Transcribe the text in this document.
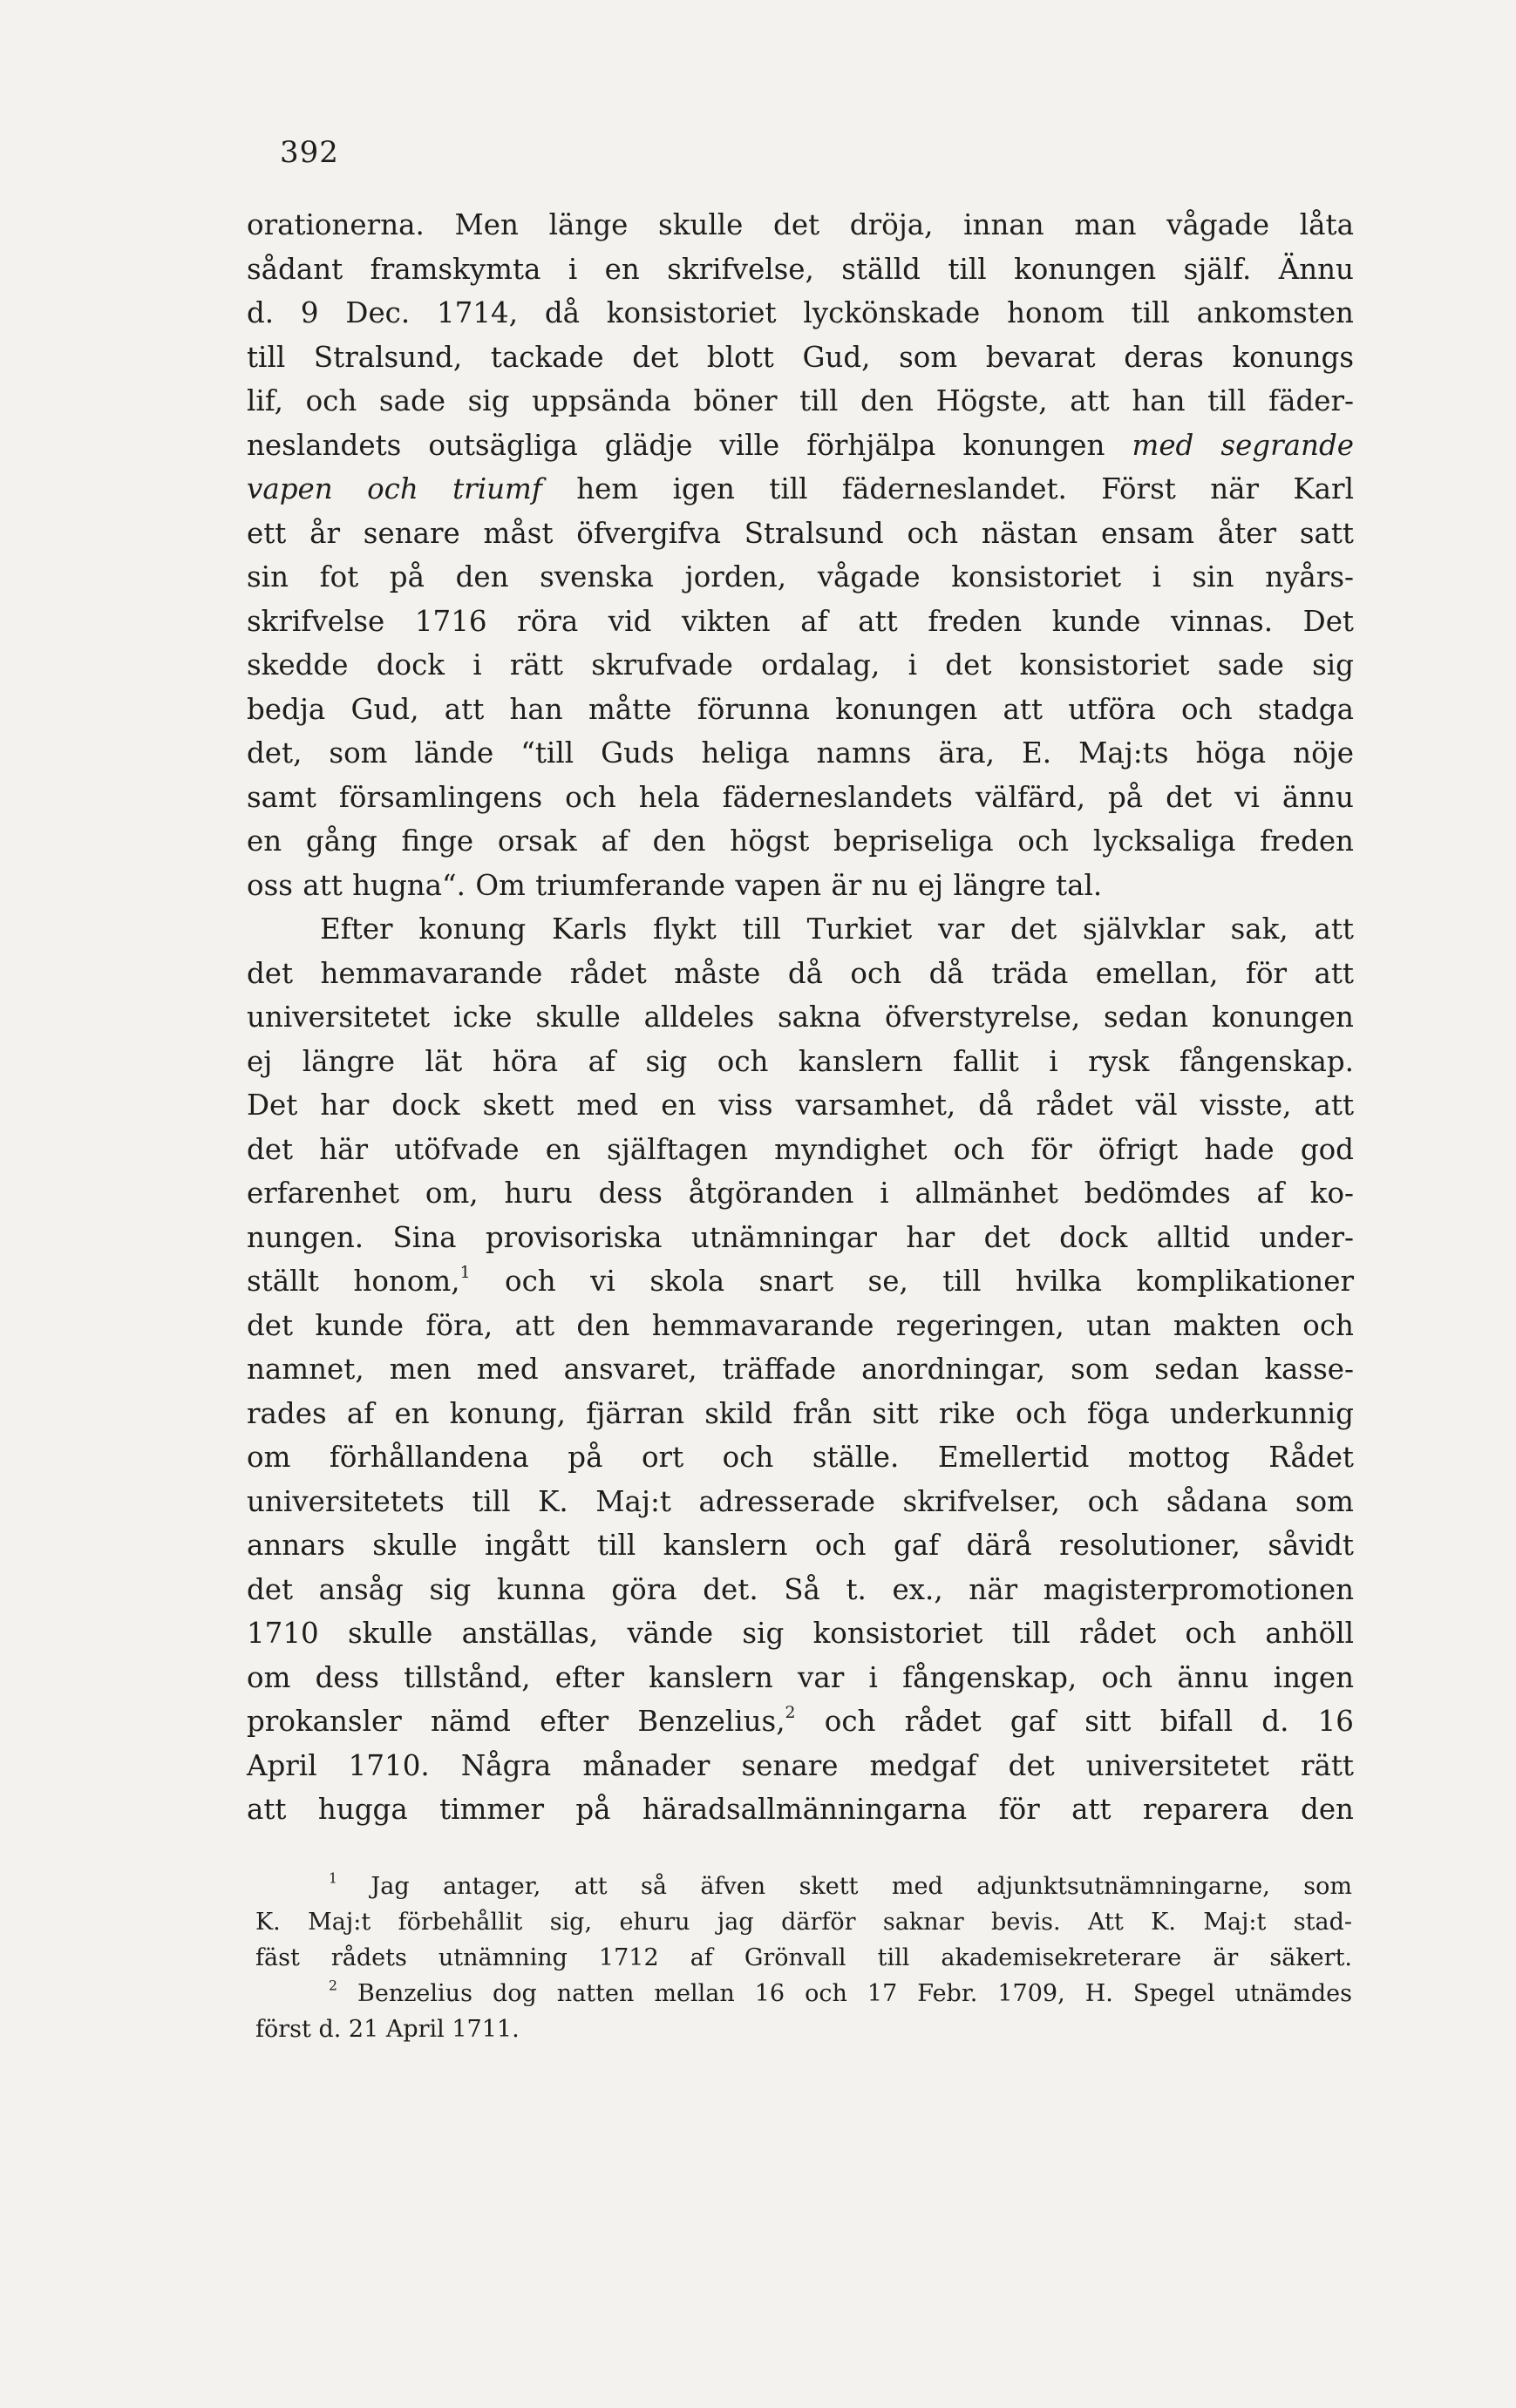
392
orationerna. Men länge skulle det dröja, innan man vågade låta
sådant framskymta i en skrifvelse, ställd till konungen själf. Ännu
d. 9 Dec. 1714, då konsistoriet lyckönskade honom till ankomsten
till Stralsund, tackade det blott Gud, som bevarat deras konungs
lif, och sade sig uppsända böner till den Högste, att han till fäder-
neslandets outsägliga glädje ville förhjälpa konungen med segrande
vapen och triumf hem igen till fäderneslandet. Först när Karl
ett år senare måst öfvergifva Stralsund och nästan ensam åter satt
sin fot på den svenska jorden, vågade konsistoriet i sin nyårs-
skrifvelse 1716 röra vid vikten af att freden kunde vinnas. Det
skedde dock i rätt skrufvade ordalag, i det konsistoriet sade sig
bedja Gud, att han måtte förunna konungen att utföra och stadga
det, som lände “till Guds heliga namns ära, E. Maj:ts höga nöje
samt församlingens och hela fäderneslandets välfärd, på det vi ännu
en gång finge orsak af den högst bepriseliga och lycksaliga freden
oss att hugna“. Om triumferande vapen är nu ej längre tal.
Efter konung Karls flykt till Turkiet var det självklar sak, att
det hemmavarande rådet måste då och då träda emellan, för att
universitetet icke skulle alldeles sakna öfverstyrelse, sedan konungen
ej längre lät höra af sig och kanslern fallit i rysk fångenskap.
Det har dock skett med en viss varsamhet, då rådet väl visste, att
det här utöfvade en själftagen myndighet och för öfrigt hade god
erfarenhet om, huru dess åtgöranden i allmänhet bedömdes af ko-
nungen. Sina provisoriska utnämningar har det dock alltid under-
ställt honom,$^1$ och vi skola snart se, till hvilka komplikationer
det kunde föra, att den hemmavarande regeringen, utan makten och
namnet, men med ansvaret, träffade anordningar, som sedan kasse-
rades af en konung, fjärran skild från sitt rike och föga underkunnig
om förhållandena på ort och ställe. Emellertid mottog Rådet
universitetets till K. Maj:t adresserade skrifvelser, och sådana som
annars skulle ingått till kanslern och gaf därå resolutioner, såvidt
det ansåg sig kunna göra det. Så t. ex., när magisterpromotionen
1710 skulle anställas, vände sig konsistoriet till rådet och anhöll
om dess tillstånd, efter kanslern var i fångenskap, och ännu ingen
prokansler nämd efter Benzelius,$^2$ och rådet gaf sitt bifall d. 16
April 1710. Några månader senare medgaf det universitetet rätt
att hugga timmer på häradsallmänningarna för att reparera den
$^1$ Jag antager, att så äfven skett med adjunktsutnämningarne, som
K. Maj:t förbehållit sig, ehuru jag därför saknar bevis. Att K. Maj:t stad-
fäst rådets utnämning 1712 af Grönvall till akademisekreterare är säkert.
$^2$ Benzelius dog natten mellan 16 och 17 Febr. 1709, H. Spegel utnämdes
först d. 21 April 1711.
